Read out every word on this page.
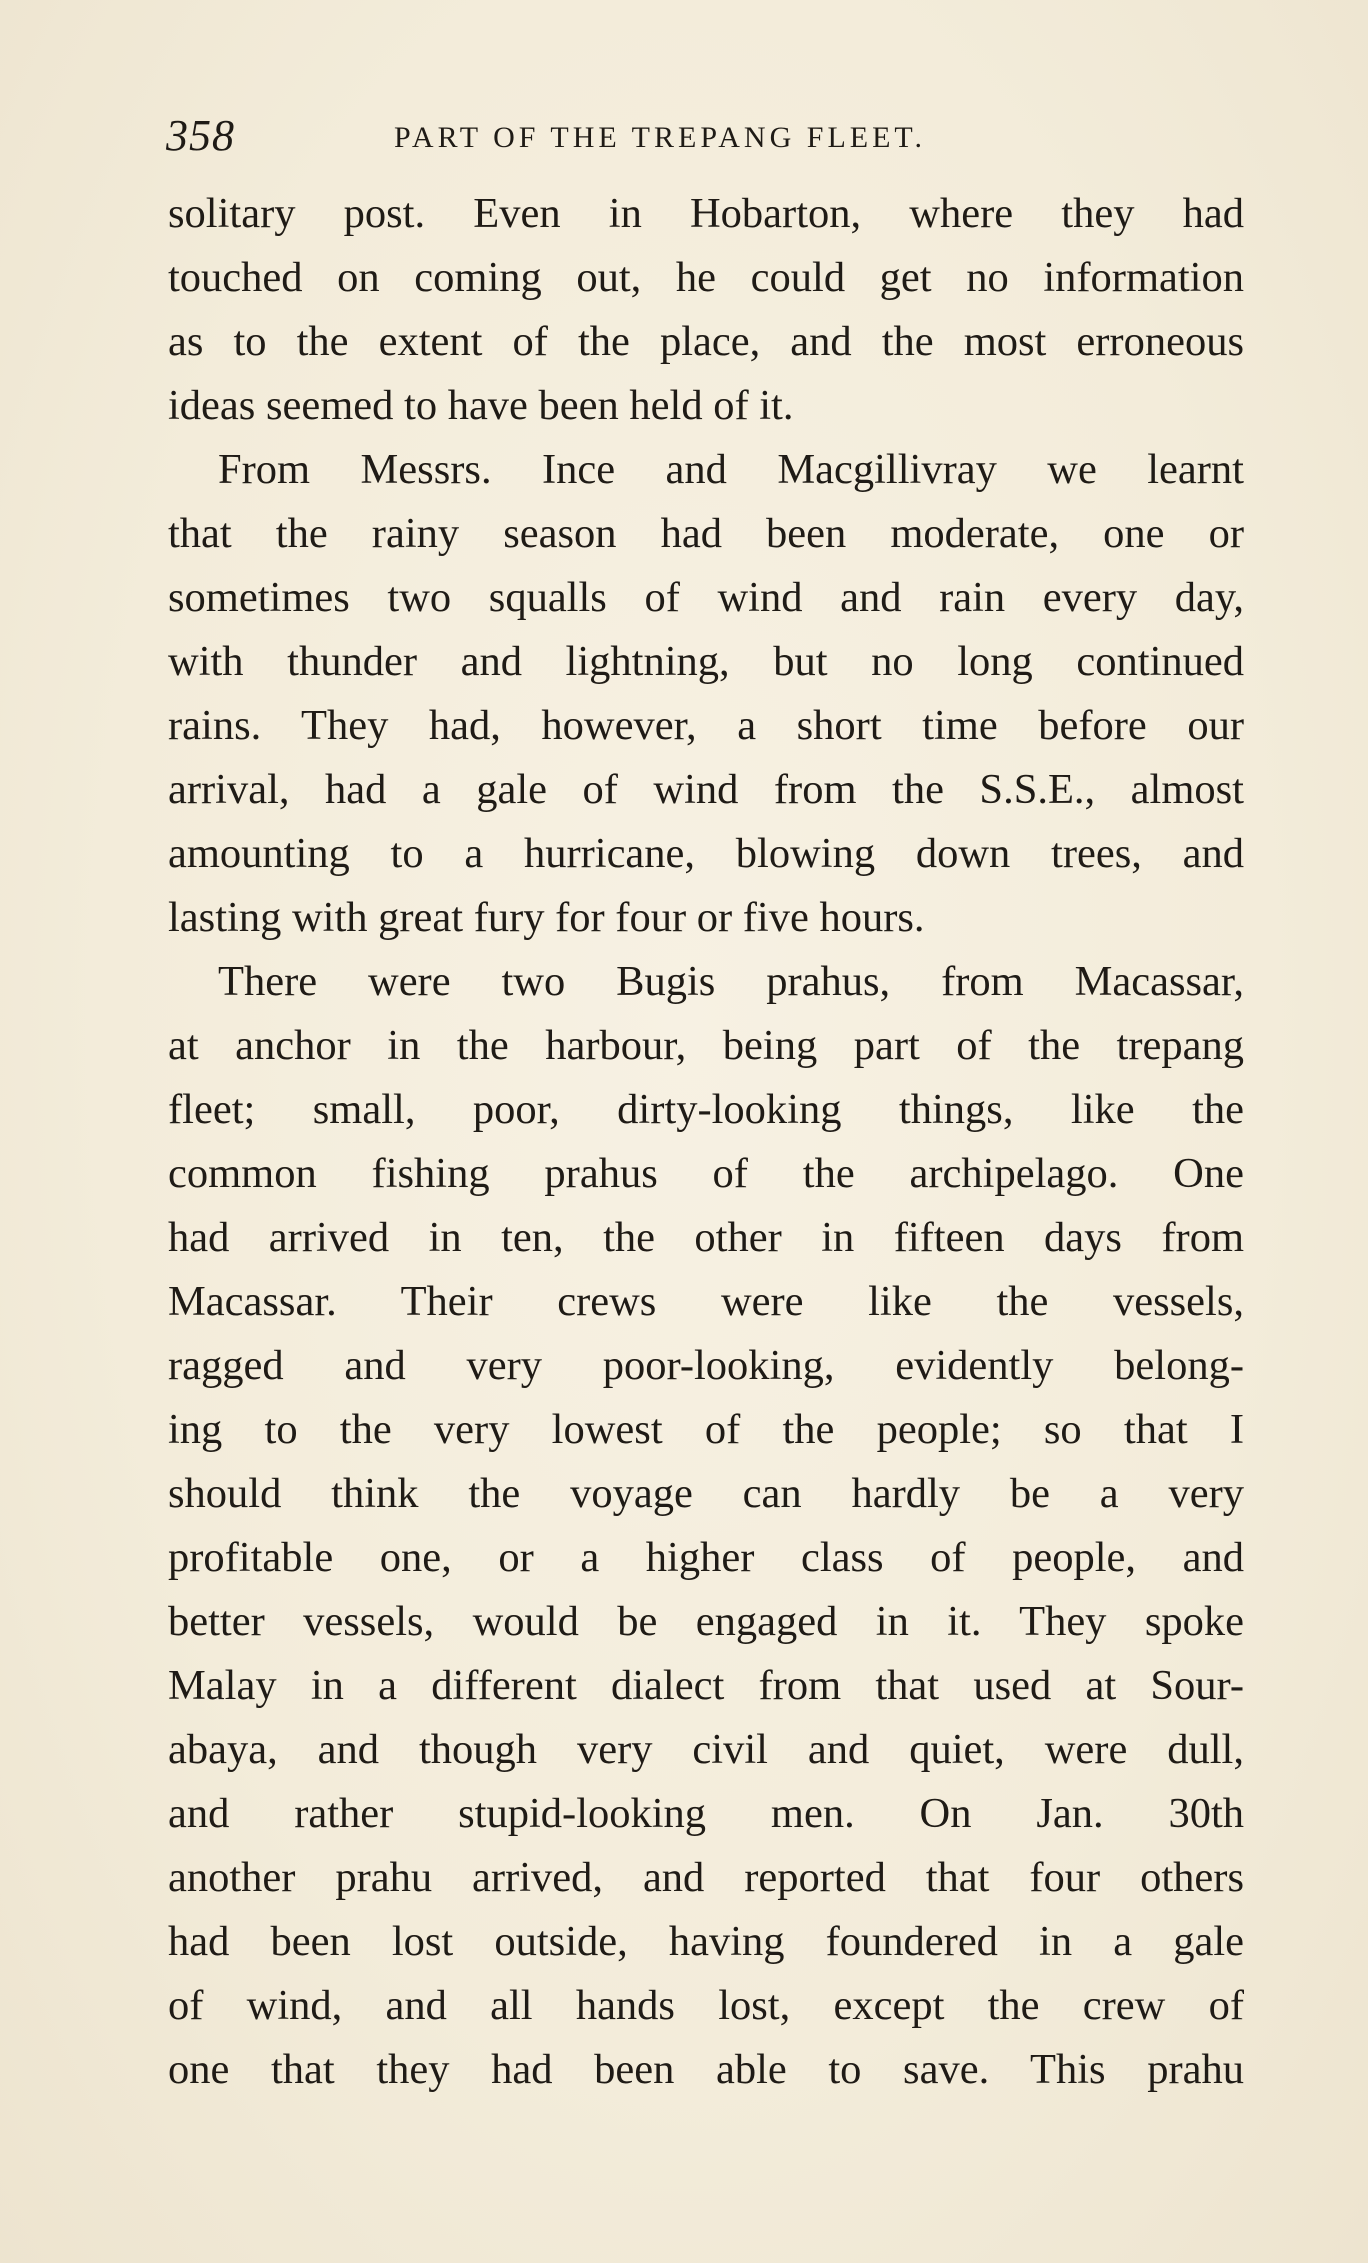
358	PART OF THE TREPANG FLEET.
solitary post. Even in Hobarton, where they had
touched on coming out, he could get no information
as to the extent of the place, and the most erroneous
ideas seemed to have been held of it.
From Messrs. Ince and Macgillivray we learnt
that the rainy season had been moderate, one or
sometimes two squalls of wind and rain every day,
with thunder and lightning, but no long continued
rains. They had, however, a short time before our
arrival, had a gale of wind from the S.S.E., almost
amounting to a hurricane, blowing down trees, and
lasting with great fury for four or five hours.
There were two Bugis prahus, from Macassar,
at anchor in the harbour, being part of the trepang
fleet; small, poor, dirty-looking things, like the
common fishing prahus of the archipelago. One
had arrived in ten, the other in fifteen days from
Macassar. Their crews were like the vessels,
ragged and very poor-looking, evidently belong-
ing to the very lowest of the people; so that I
should think the voyage can hardly be a very
profitable one, or a higher class of people, and
better vessels, would be engaged in it. They spoke
Malay in a different dialect from that used at Sour-
abaya, and though very civil and quiet, were dull,
and rather stupid-looking men. On Jan. 30th
another prahu arrived, and reported that four others
had been lost outside, having foundered in a gale
of wind, and all hands lost, except the crew of
one that they had been able to save. This prahu
